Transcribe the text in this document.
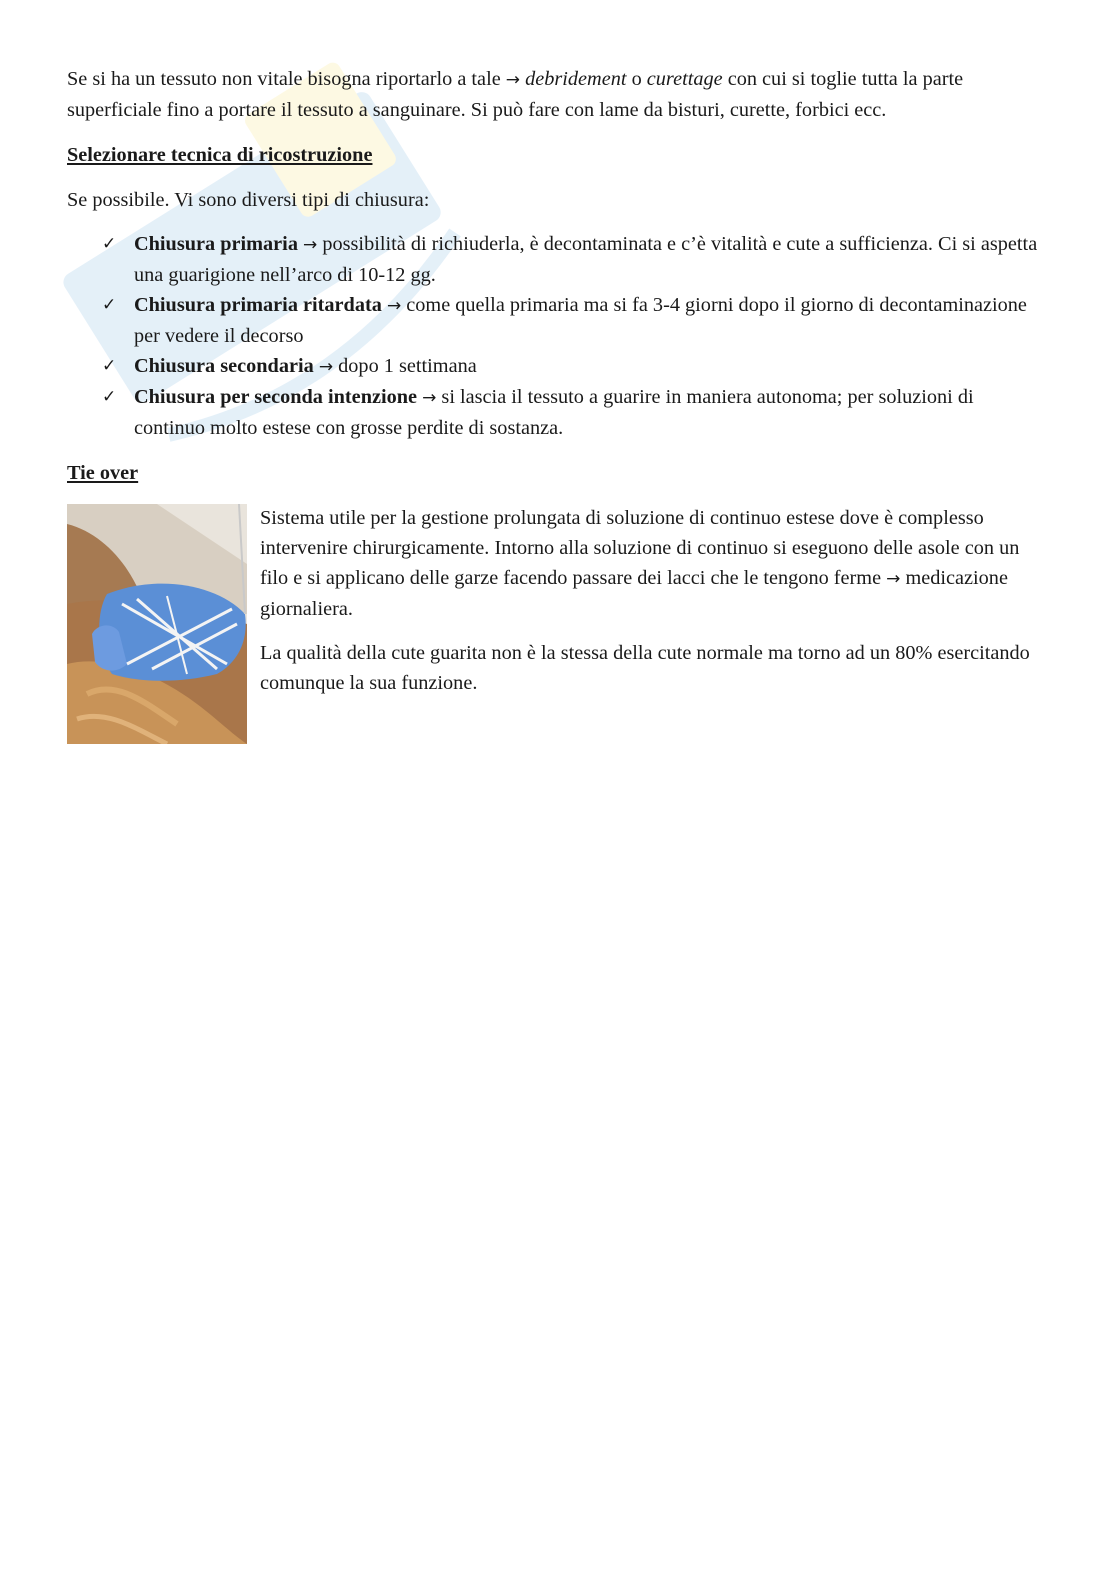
Se si ha un tessuto non vitale bisogna riportarlo a tale → debridement o curettage con cui si toglie tutta la parte superficiale fino a portare il tessuto a sanguinare. Si può fare con lame da bisturi, curette, forbici ecc.

Selezionare tecnica di ricostruzione

Se possibile. Vi sono diversi tipi di chiusura:

✓ Chiusura primaria → possibilità di richiuderla, è decontaminata e c’è vitalità e cute a sufficienza. Ci si aspetta una guarigione nell’arco di 10-12 gg.
✓ Chiusura primaria ritardata → come quella primaria ma si fa 3-4 giorni dopo il giorno di decontaminazione per vedere il decorso
✓ Chiusura secondaria → dopo 1 settimana
✓ Chiusura per seconda intenzione → si lascia il tessuto a guarire in maniera autonoma; per soluzioni di continuo molto estese con grosse perdite di sostanza.

Tie over

Sistema utile per la gestione prolungata di soluzione di continuo estese dove è complesso intervenire chirurgicamente. Intorno alla soluzione di continuo si eseguono delle asole con un filo e si applicano delle garze facendo passare dei lacci che le tengono ferme → medicazione giornaliera.

La qualità della cute guarita non è la stessa della cute normale ma torno ad un 80% esercitando comunque la sua funzione.
